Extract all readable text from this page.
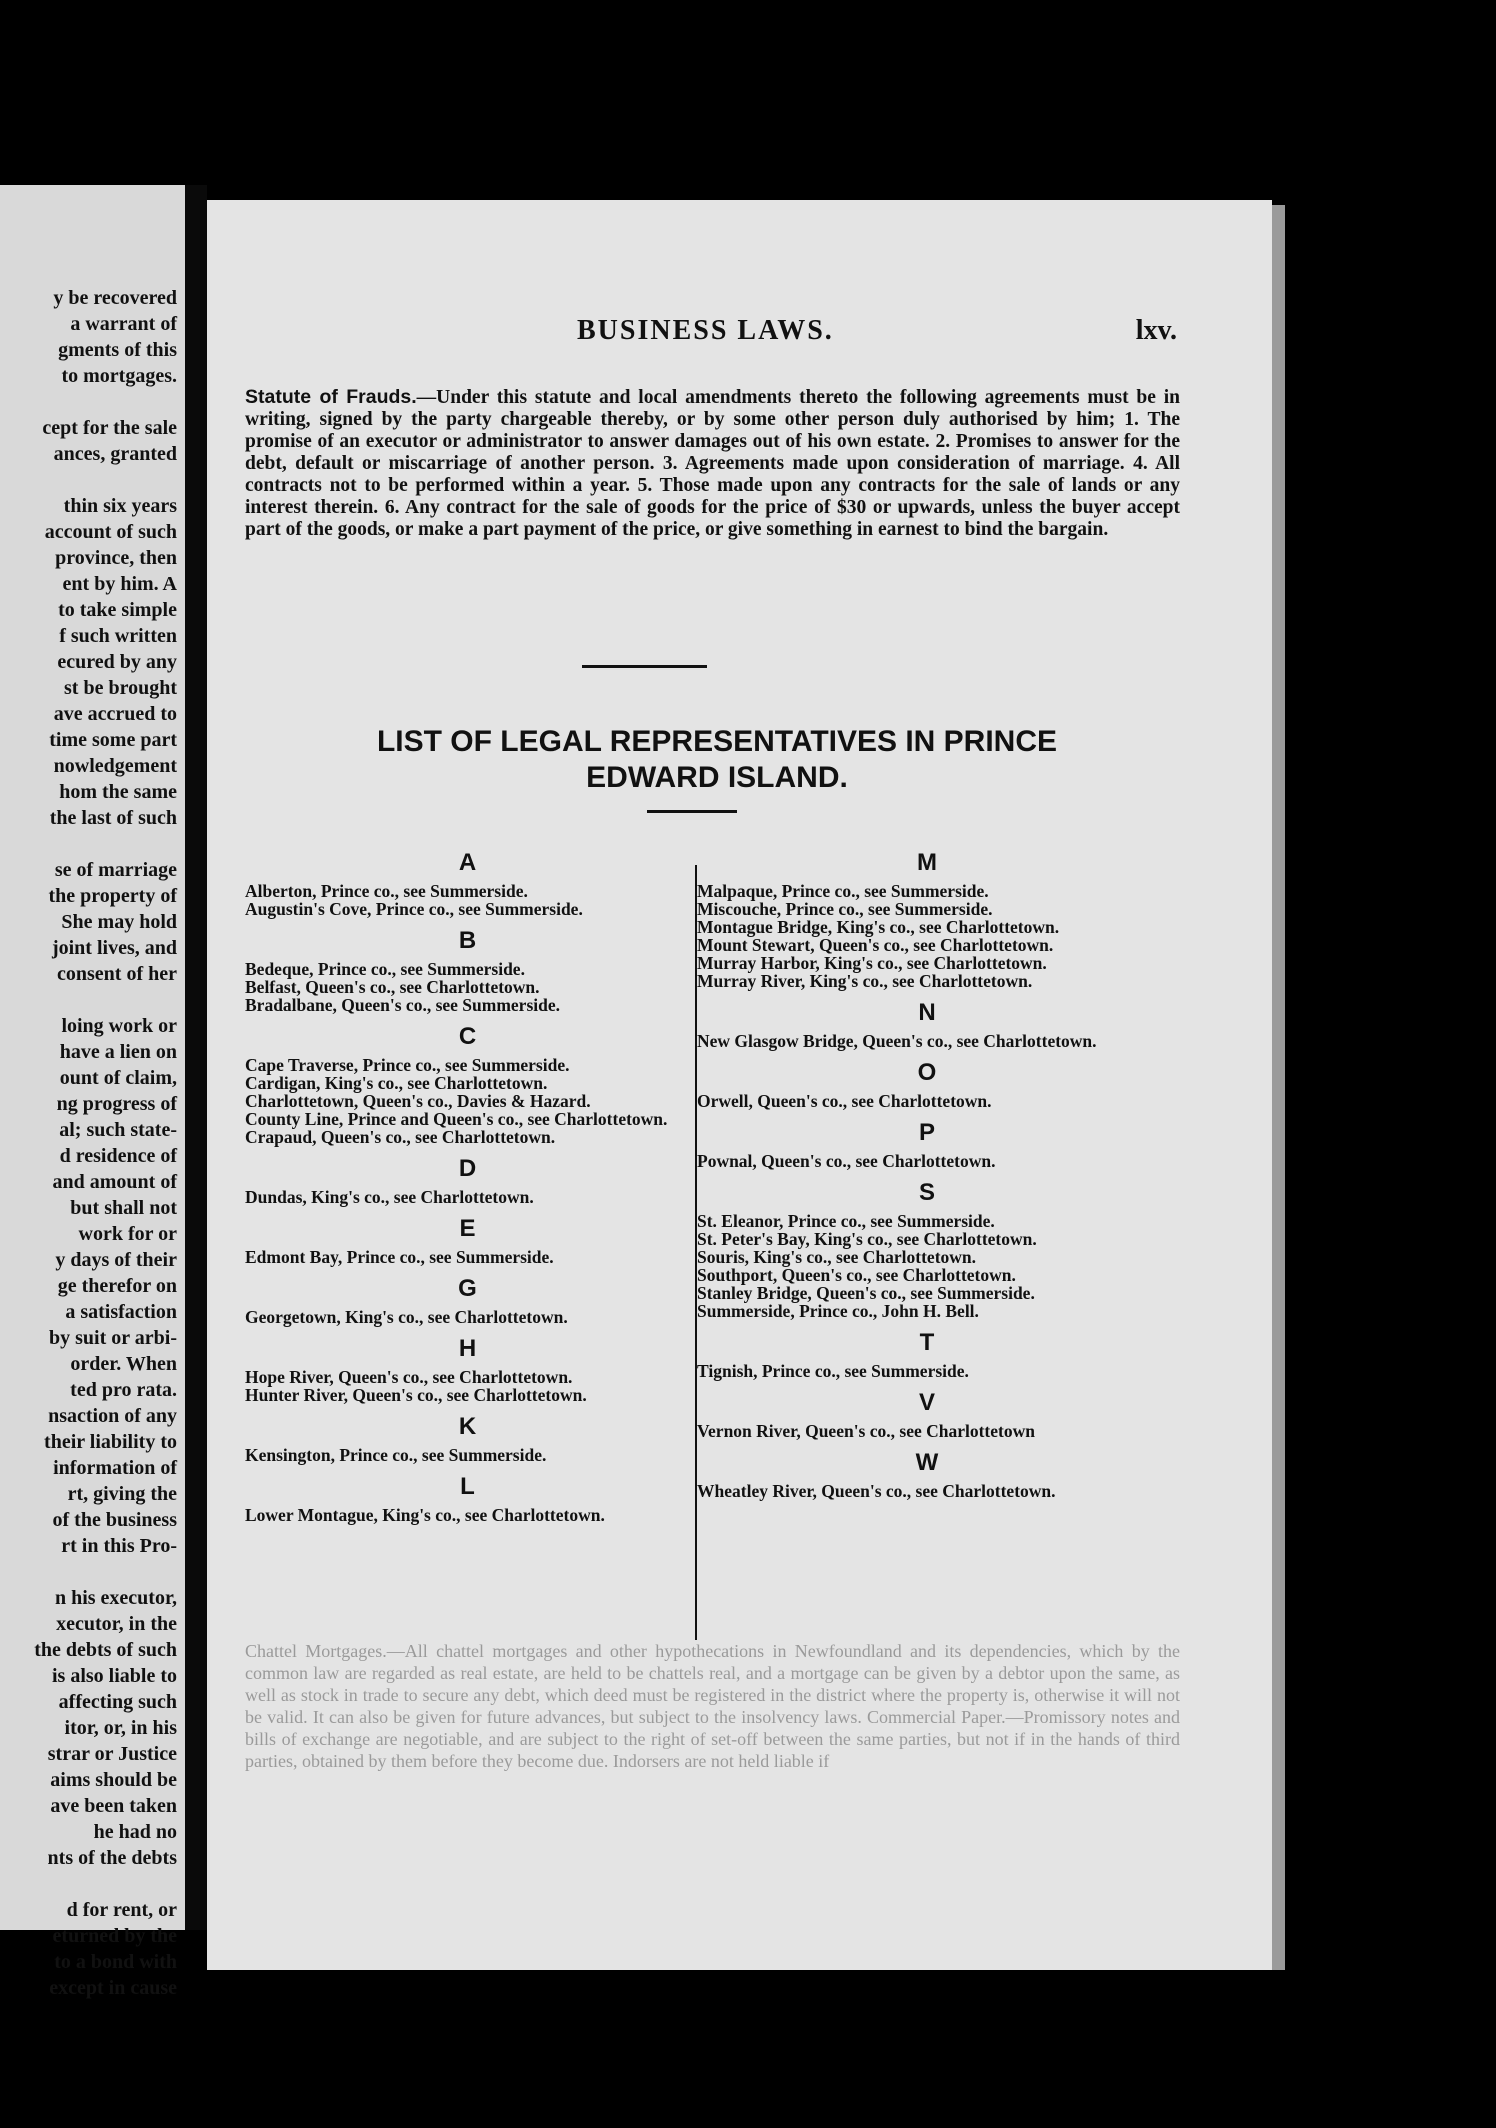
y be recovered
a warrant of
gments of this
to mortgages.

cept for the sale
ances, granted

thin six years
account of such
province, then
ent by him. A
to take simple
f such written
ecured by any
st be brought
ave accrued to
time some part
nowledgement
hom the same
the last of such

se of marriage
the property of
She may hold
joint lives, and
consent of her

loing work or
have a lien on
ount of claim,
ng progress of
al; such state-
d residence of
and amount of
but shall not
work for or
y days of their
ge therefor on
a satisfaction
by suit or arbi-
order. When
ted pro rata.
nsaction of any
their liability to
information of
rt, giving the
of the business
rt in this Pro-

n his executor,
xecutor, in the
the debts of such
is also liable to
affecting such
itor, or, in his
strar or Justice
aims should be
ave been taken
he had no
nts of the debts

d for rent, or
eturned by the
to a bond with
except in cause
BUSINESS LAWS.	lxv.
Statute of Frauds.—Under this statute and local amendments thereto the following agreements must be in writing, signed by the party chargeable thereby, or by some other person duly authorised by him; 1. The promise of an executor or administrator to answer damages out of his own estate. 2. Promises to answer for the debt, default or miscarriage of another person. 3. Agreements made upon consideration of marriage. 4. All contracts not to be performed within a year. 5. Those made upon any contracts for the sale of lands or any interest therein. 6. Any contract for the sale of goods for the price of $30 or upwards, unless the buyer accept part of the goods, or make a part payment of the price, or give something in earnest to bind the bargain.
LIST OF LEGAL REPRESENTATIVES IN PRINCE
EDWARD ISLAND.
A
Alberton, Prince co., see Summerside.
Augustin's Cove, Prince co., see Summerside.
B
Bedeque, Prince co., see Summerside.
Belfast, Queen's co., see Charlottetown.
Bradalbane, Queen's co., see Summerside.
C
Cape Traverse, Prince co., see Summerside.
Cardigan, King's co., see Charlottetown.
Charlottetown, Queen's co., Davies & Hazard.
County Line, Prince and Queen's co., see Charlottetown.
Crapaud, Queen's co., see Charlottetown.
D
Dundas, King's co., see Charlottetown.
E
Edmont Bay, Prince co., see Summerside.
G
Georgetown, King's co., see Charlottetown.
H
Hope River, Queen's co., see Charlottetown.
Hunter River, Queen's co., see Charlottetown.
K
Kensington, Prince co., see Summerside.
L
Lower Montague, King's co., see Charlottetown.
M
Malpaque, Prince co., see Summerside.
Miscouche, Prince co., see Summerside.
Montague Bridge, King's co., see Charlottetown.
Mount Stewart, Queen's co., see Charlottetown.
Murray Harbor, King's co., see Charlottetown.
Murray River, King's co., see Charlottetown.
N
New Glasgow Bridge, Queen's co., see Charlottetown.
O
Orwell, Queen's co., see Charlottetown.
P
Pownal, Queen's co., see Charlottetown.
S
St. Eleanor, Prince co., see Summerside.
St. Peter's Bay, King's co., see Charlottetown.
Souris, King's co., see Charlottetown.
Southport, Queen's co., see Charlottetown.
Stanley Bridge, Queen's co., see Summerside.
Summerside, Prince co., John H. Bell.
T
Tignish, Prince co., see Summerside.
V
Vernon River, Queen's co., see Charlottetown
W
Wheatley River, Queen's co., see Charlottetown.
Chattel Mortgages.—All chattel mortgages and other hypothecations in Newfoundland and its dependencies, which by the common law are regarded as real estate, are held to be chattels real, and a mortgage can be given by a debtor upon the same, as well as stock in trade to secure any debt, which deed must be registered in the district where the property is, otherwise it will not be valid. It can also be given for future advances, but subject to the insolvency laws. Commercial Paper.—Promissory notes and bills of exchange are negotiable, and are subject to the right of set-off between the same parties, but not if in the hands of third parties, obtained by them before they become due. Indorsers are not held liable if
